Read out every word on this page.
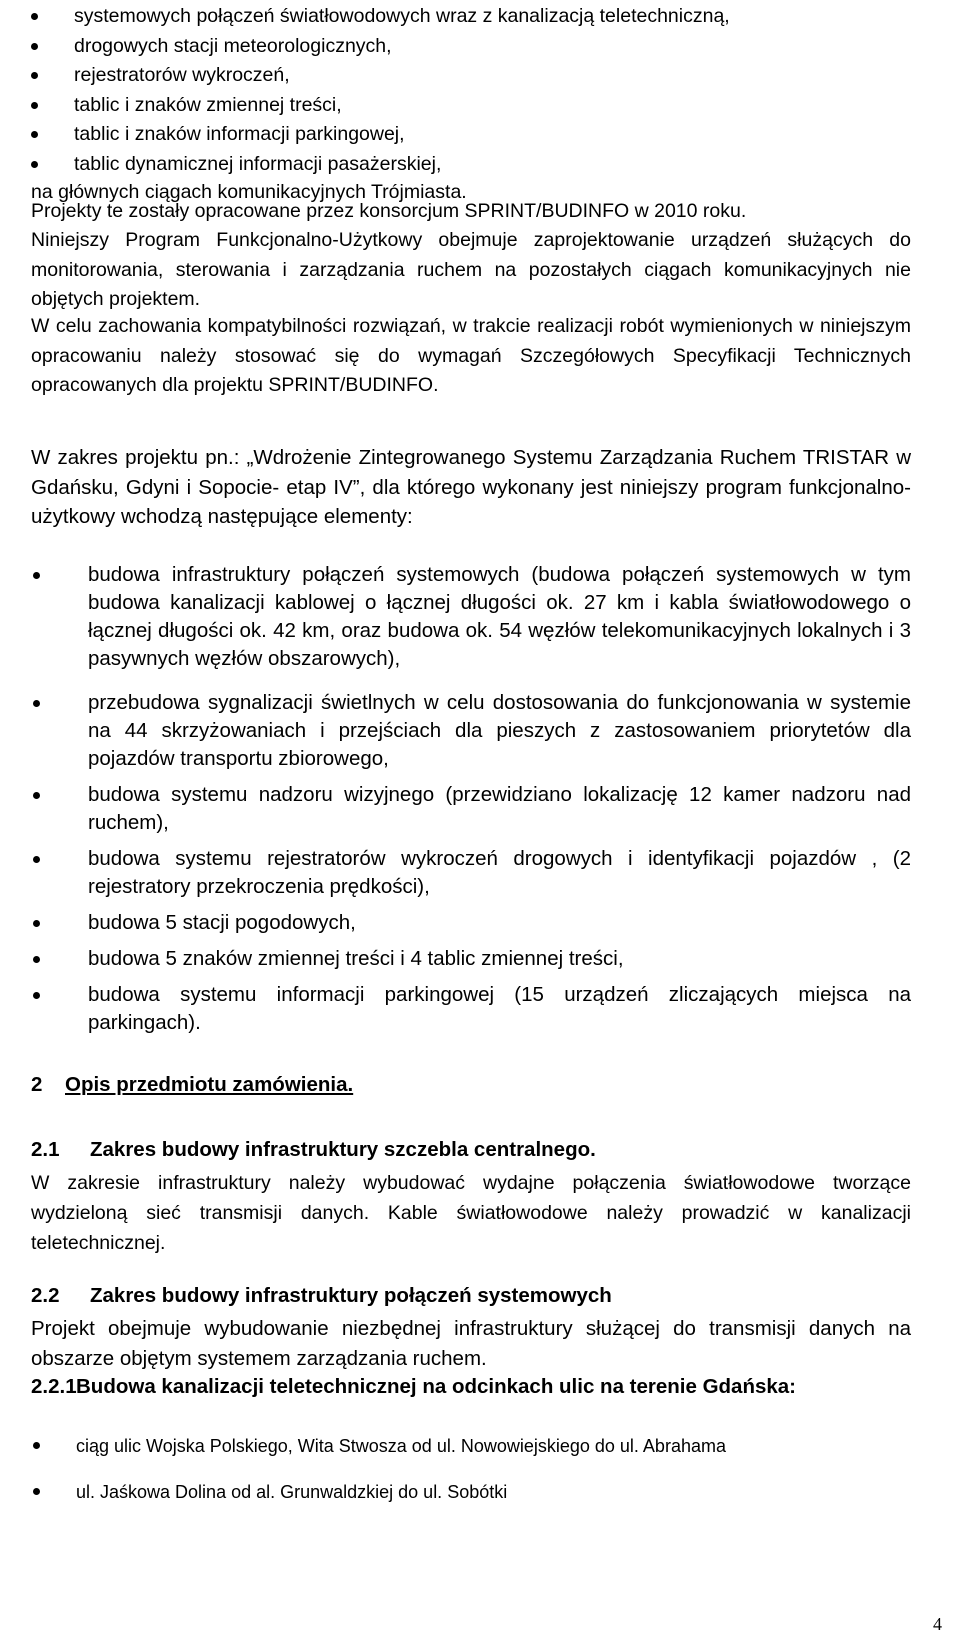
systemowych połączeń światłowodowych wraz z kanalizacją teletechniczną,
drogowych stacji meteorologicznych,
rejestratorów wykroczeń,
tablic i znaków zmiennej treści,
tablic i znaków informacji parkingowej,
tablic dynamicznej informacji pasażerskiej,

na głównych ciągach komunikacyjnych Trójmiasta.

Projekty te zostały opracowane przez konsorcjum SPRINT/BUDINFO w 2010 roku.

Niniejszy Program Funkcjonalno-Użytkowy obejmuje zaprojektowanie urządzeń służących do monitorowania, sterowania i zarządzania ruchem na pozostałych ciągach komunikacyjnych nie objętych projektem.

W celu zachowania kompatybilności rozwiązań, w trakcie realizacji robót wymienionych w niniejszym opracowaniu należy stosować się do wymagań Szczegółowych Specyfikacji Technicznych opracowanych dla projektu SPRINT/BUDINFO.

W zakres projektu pn.: „Wdrożenie Zintegrowanego Systemu Zarządzania Ruchem TRISTAR w Gdańsku, Gdyni i Sopocie- etap IV”, dla którego wykonany jest niniejszy program funkcjonalno-użytkowy wchodzą następujące elementy:

budowa infrastruktury połączeń systemowych (budowa połączeń systemowych w tym budowa kanalizacji kablowej o łącznej długości ok. 27 km i kabla światłowodowego o łącznej długości ok. 42 km, oraz budowa ok. 54 węzłów telekomunikacyjnych lokalnych i 3 pasywnych węzłów obszarowych),
przebudowa sygnalizacji świetlnych w celu dostosowania do funkcjonowania w systemie na 44 skrzyżowaniach i przejściach dla pieszych z zastosowaniem priorytetów dla pojazdów transportu zbiorowego,
budowa systemu nadzoru wizyjnego (przewidziano lokalizację 12 kamer nadzoru nad ruchem),
budowa systemu rejestratorów wykroczeń drogowych i identyfikacji pojazdów , (2 rejestratory przekroczenia prędkości),
budowa 5 stacji pogodowych,
budowa 5 znaków zmiennej treści i 4 tablic zmiennej treści,
budowa systemu informacji parkingowej (15 urządzeń zliczających miejsca na parkingach).
2 Opis przedmiotu zamówienia.
2.1 Zakres budowy infrastruktury szczebla centralnego.

W zakresie infrastruktury należy wybudować wydajne połączenia światłowodowe tworzące wydzieloną sieć transmisji danych. Kable światłowodowe należy prowadzić w kanalizacji teletechnicznej.

2.2 Zakres budowy infrastruktury połączeń systemowych

Projekt obejmuje wybudowanie niezbędnej infrastruktury służącej do transmisji danych na obszarze objętym systemem zarządzania ruchem.

2.2.1 Budowa kanalizacji teletechnicznej na odcinkach ulic na terenie Gdańska:
ciąg ulic Wojska Polskiego, Wita Stwosza od ul. Nowowiejskiego do ul. Abrahama
ul. Jaśkowa Dolina od al. Grunwaldzkiej do ul. Sobótki
4
